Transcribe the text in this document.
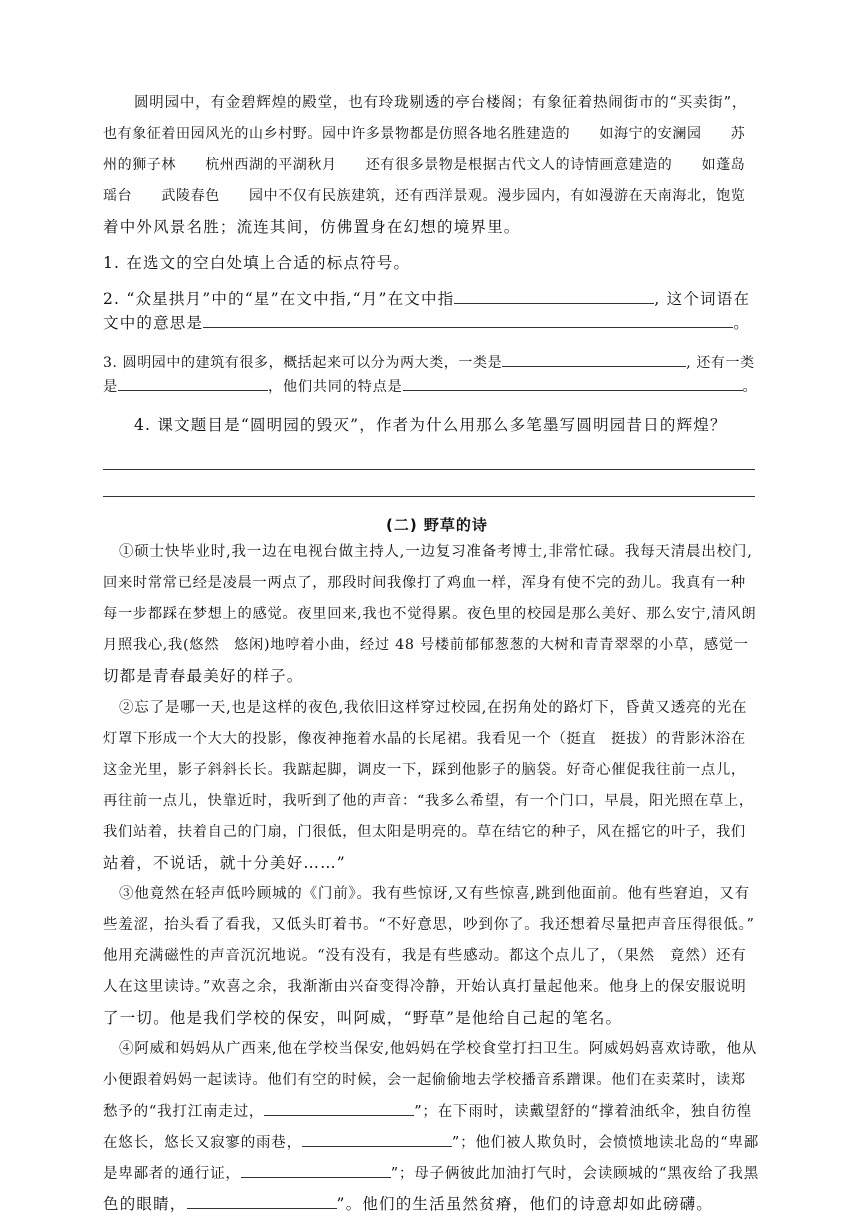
圆明园中，有金碧辉煌的殿堂，也有玲珑剔透的亭台楼阁；有象征着热闹街市的“买卖街”，
也有象征着田园风光的山乡村野。园中许多景物都是仿照各地名胜建造的　　如海宁的安澜园　　苏
州的狮子林　　杭州西湖的平湖秋月　　还有很多景物是根据古代文人的诗情画意建造的　　如蓬岛
瑶台　　武陵春色　　园中不仅有民族建筑，还有西洋景观。漫步园内，有如漫游在天南海北，饱览
着中外风景名胜；流连其间，仿佛置身在幻想的境界里。
1. 在选文的空白处填上合适的标点符号。
2. “众星拱月”中的“星”在文中指,“月”在文中指	, 这个词语在
文中的意思是	。
3. 圆明园中的建筑有很多，概括起来可以分为两大类，一类是	, 还有一类
是	，他们共同的特点是	。
4. 课文题目是“圆明园的毁灭”，作者为什么用那么多笔墨写圆明园昔日的辉煌？
(二) 野草的诗
①硕士快毕业时,我一边在电视台做主持人,一边复习准备考博士,非常忙碌。我每天清晨出校门,
回来时常常已经是凌晨一两点了，那段时间我像打了鸡血一样，浑身有使不完的劲儿。我真有一种
每一步都踩在梦想上的感觉。夜里回来,我也不觉得累。夜色里的校园是那么美好、那么安宁,清风朗
月照我心,我(悠然　悠闲)地哼着小曲，经过 48 号楼前郁郁葱葱的大树和青青翠翠的小草，感觉一
切都是青春最美好的样子。
②忘了是哪一天,也是这样的夜色,我依旧这样穿过校园,在拐角处的路灯下，昏黄又透亮的光在
灯罩下形成一个大大的投影，像夜神拖着水晶的长尾裙。我看见一个（挺直　挺拔）的背影沐浴在
这金光里，影子斜斜长长。我踮起脚，调皮一下，踩到他影子的脑袋。好奇心催促我往前一点儿，
再往前一点儿，快靠近时，我听到了他的声音：“我多么希望，有一个门口，早晨，阳光照在草上，
我们站着，扶着自己的门扇，门很低，但太阳是明亮的。草在结它的种子，风在摇它的叶子，我们
站着，不说话，就十分美好……”
③他竟然在轻声低吟顾城的《门前》。我有些惊讶,又有些惊喜,跳到他面前。他有些窘迫，又有
些羞涩，抬头看了看我，又低头盯着书。“不好意思，吵到你了。我还想着尽量把声音压得很低。”
他用充满磁性的声音沉沉地说。“没有没有，我是有些感动。都这个点儿了，（果然　竟然）还有
人在这里读诗。”欢喜之余，我渐渐由兴奋变得冷静，开始认真打量起他来。他身上的保安服说明
了一切。他是我们学校的保安，叫阿威，“野草”是他给自己起的笔名。
④阿威和妈妈从广西来,他在学校当保安,他妈妈在学校食堂打扫卫生。阿威妈妈喜欢诗歌，他从
小便跟着妈妈一起读诗。他们有空的时候，会一起偷偷地去学校播音系蹭课。他们在卖菜时，读郑
愁予的“我打江南走过，	”；在下雨时，读戴望舒的“撑着油纸伞，独自彷徨
在悠长，悠长又寂寥的雨巷，	”；他们被人欺负时，会愤愤地读北岛的“卑鄙
是卑鄙者的通行证，	”；母子俩彼此加油打气时，会读顾城的“黑夜给了我黑
色的眼睛，	”。他们的生活虽然贫瘠，他们的诗意却如此磅礴。
